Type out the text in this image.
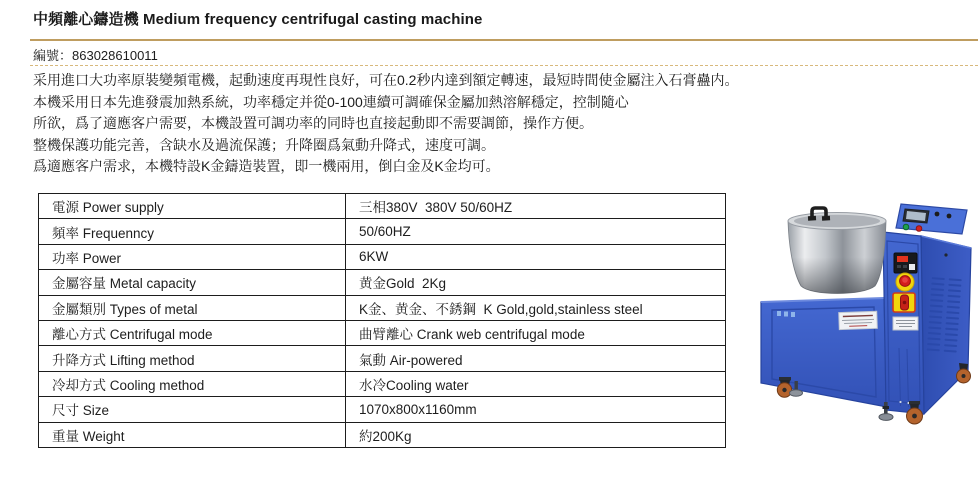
中頻離心鑄造機 Medium frequency centrifugal casting machine
編號：863028610011

采用進口大功率原裝變頻電機，起動速度再現性良好，可在0.2秒内達到額定轉速，最短時間使金屬注入石膏蠱内。

本機采用日本先進發震加熱系統，功率穩定并從0-100連續可調確保金屬加熱溶解穩定，控制隨心

所欲，爲了適應客户需要，本機設置可調功率的同時也直接起動即不需要調節，操作方便。

整機保護功能完善，含缺水及過流保護；升降圈爲氣動升降式，速度可調。

爲適應客户需求，本機特設K金鑄造裝置，即一機兩用，倒白金及K金均可。

電源 Power supply	三相380V  380V 50/60HZ
頻率 Frequenncy	50/60HZ
功率 Power	6KW
金屬容量 Metal capacity	黄金Gold  2Kg
金屬類別 Types of metal	K金、黄金、不銹鋼  K Gold,gold,stainless steel
離心方式 Centrifugal mode	曲臂離心 Crank web centrifugal mode
升降方式 Lifting method	氣動 Air-powered
冷却方式 Cooling method	水冷Cooling water
尺寸 Size	1070x800x1160mm
重量 Weight	約200Kg
